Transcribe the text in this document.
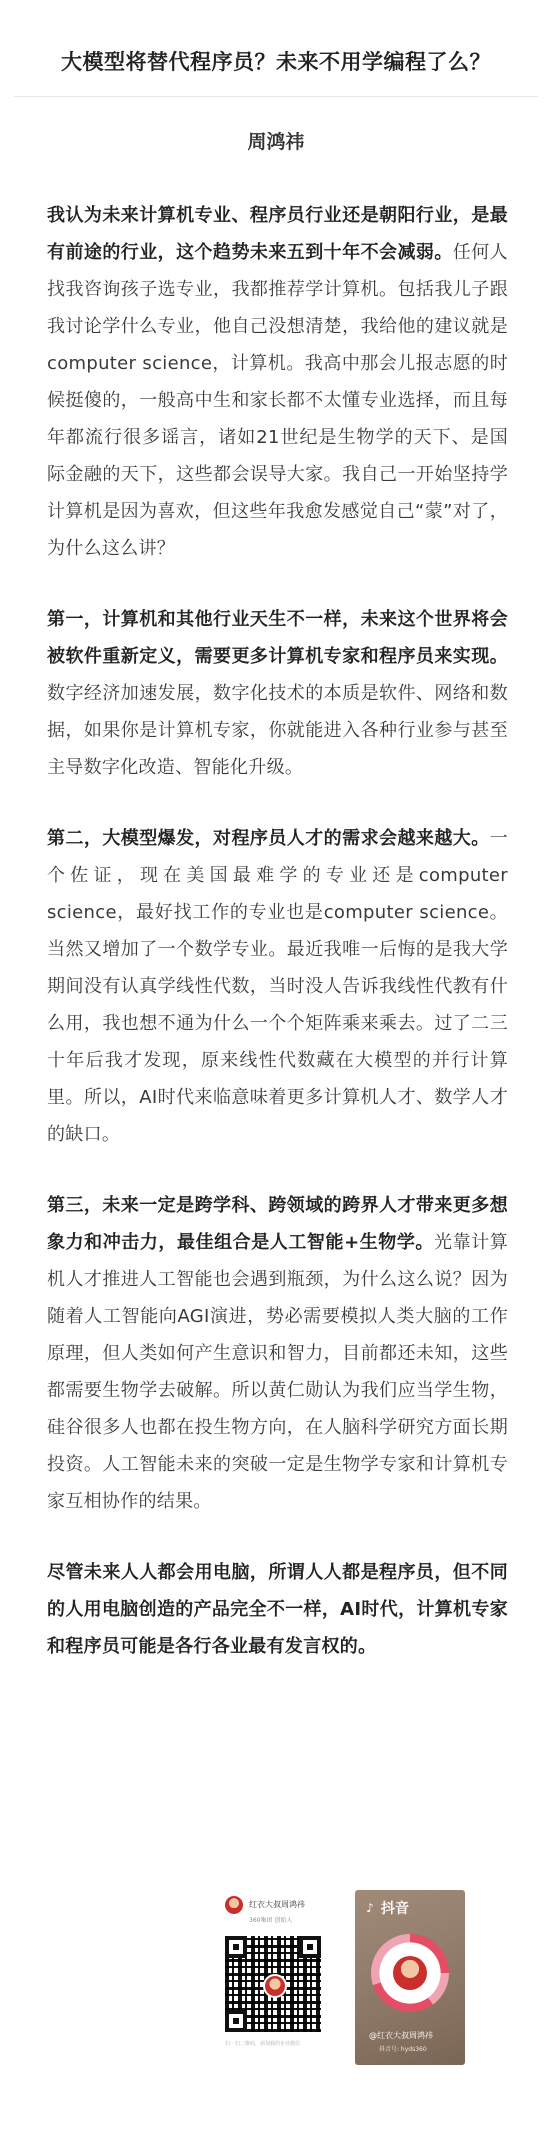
大模型将替代程序员？未来不用学编程了么？
周鸿祎

我认为未来计算机专业、程序员行业还是朝阳行业，是最有前途的行业，这个趋势未来五到十年不会减弱。任何人找我咨询孩子选专业，我都推荐学计算机。包括我儿子跟我讨论学什么专业，他自己没想清楚，我给他的建议就是computer science，计算机。我高中那会儿报志愿的时候挺傻的，一般高中生和家长都不太懂专业选择，而且每年都流行很多谣言，诸如21世纪是生物学的天下、是国际金融的天下，这些都会误导大家。我自己一开始坚持学计算机是因为喜欢，但这些年我愈发感觉自己“蒙”对了，为什么这么讲？

第一，计算机和其他行业天生不一样，未来这个世界将会被软件重新定义，需要更多计算机专家和程序员来实现。数字经济加速发展，数字化技术的本质是软件、网络和数据，如果你是计算机专家，你就能进入各种行业参与甚至主导数字化改造、智能化升级。

第二，大模型爆发，对程序员人才的需求会越来越大。一个佐证，现在美国最难学的专业还是computer science，最好找工作的专业也是computer science。当然又增加了一个数学专业。最近我唯一后悔的是我大学期间没有认真学线性代数，当时没人告诉我线性代教有什么用，我也想不通为什么一个个矩阵乘来乘去。过了二三十年后我才发现，原来线性代数藏在大模型的并行计算里。所以，AI时代来临意味着更多计算机人才、数学人才的缺口。

第三，未来一定是跨学科、跨领域的跨界人才带来更多想象力和冲击力，最佳组合是人工智能+生物学。光靠计算机人才推进人工智能也会遇到瓶颈，为什么这么说？因为随着人工智能向AGI演进，势必需要模拟人类大脑的工作原理，但人类如何产生意识和智力，目前都还未知，这些都需要生物学去破解。所以黄仁勋认为我们应当学生物，硅谷很多人也都在投生物方向，在人脑科学研究方面长期投资。人工智能未来的突破一定是生物学专家和计算机专家互相协作的结果。

尽管未来人人都会用电脑，所谓人人都是程序员，但不同的人用电脑创造的产品完全不一样，AI时代，计算机专家和程序员可能是各行各业最有发言权的。

红衣大叔周鸿祎
360集团 创始人
扫一扫二维码，添加我的企业微信
♪ 抖音
@红衣大叔周鸿祎
抖音号: hyds360
